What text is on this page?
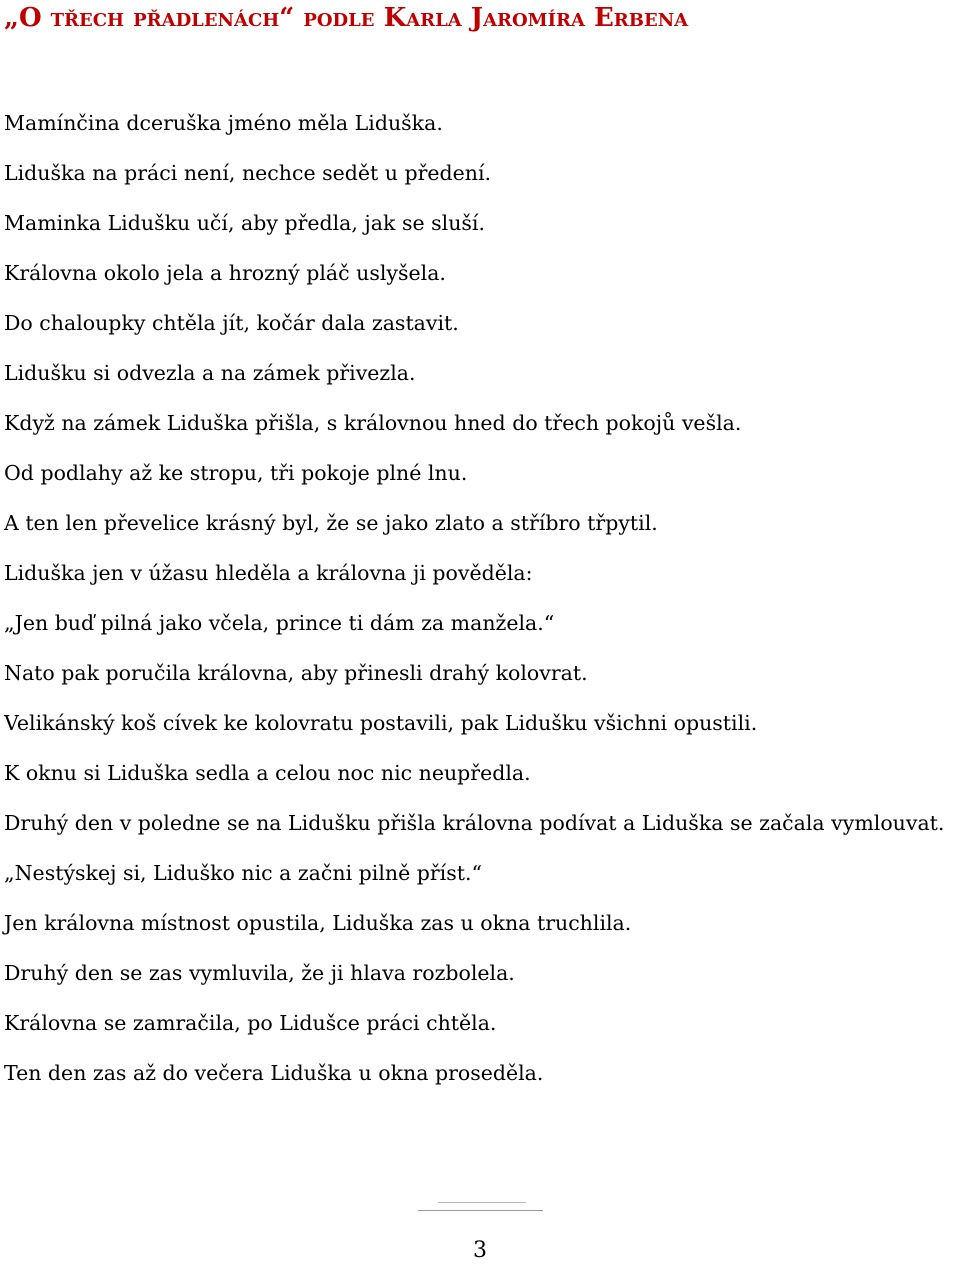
„O třech přadlenách“ podle Karla Jaromíra Erbena
Mamínčina dceruška jméno měla Liduška.
Liduška na práci není, nechce sedět u předení.
Maminka Lidušku učí, aby předla, jak se sluší.
Královna okolo jela a hrozný pláč uslyšela.
Do chaloupky chtěla jít, kočár dala zastavit.
Lidušku si odvezla a na zámek přivezla.
Když na zámek Liduška přišla, s královnou hned do třech pokojů vešla.
Od podlahy až ke stropu, tři pokoje plné lnu.
A ten len převelice krásný byl, že se jako zlato a stříbro třpytil.
Liduška jen v úžasu hleděla a královna ji pověděla:
„Jen buď pilná jako včela, prince ti dám za manžela.“
Nato pak poručila královna, aby přinesli drahý kolovrat.
Velikánský koš cívek ke kolovratu postavili, pak Lidušku všichni opustili.
K oknu si Liduška sedla a celou noc nic neupředla.
Druhý den v poledne se na Lidušku přišla královna podívat a Liduška se začala vymlouvat.
„Nestýskej si, Liduško nic a začni pilně příst.“
Jen královna místnost opustila, Liduška zas u okna truchlila.
Druhý den se zas vymluvila, že ji hlava rozbolela.
Královna se zamračila, po Lidušce práci chtěla.
Ten den zas až do večera Liduška u okna proseděla.
3
